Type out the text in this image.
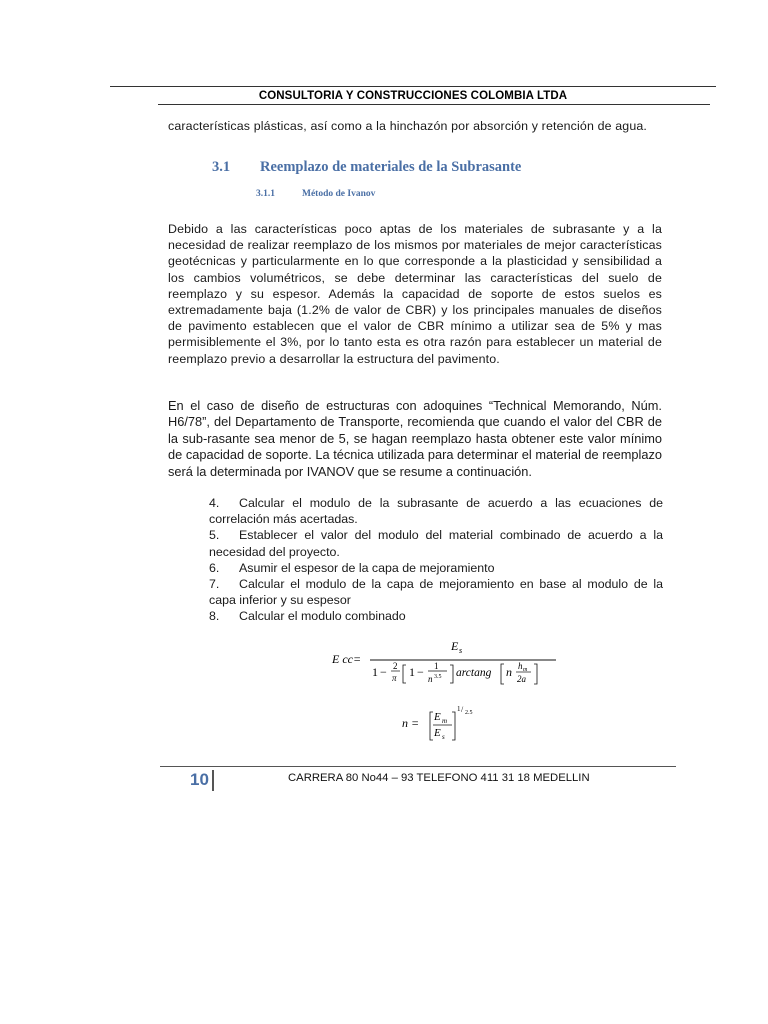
CONSULTORIA Y CONSTRUCCIONES COLOMBIA LTDA
características plásticas, así como a la hinchazón por absorción y retención de agua.
3.1 Reemplazo de materiales de la Subrasante
3.1.1	Método de Ivanov
Debido a las características poco aptas de los materiales de subrasante y a la necesidad de realizar reemplazo de los mismos por materiales de mejor características geotécnicas y particularmente en lo que corresponde a la plasticidad y sensibilidad a los cambios volumétricos, se debe determinar las características del suelo de reemplazo y su espesor. Además la capacidad de soporte de estos suelos es extremadamente baja (1.2% de valor de CBR) y los principales manuales de diseños de pavimento establecen que el valor de CBR mínimo a utilizar sea de 5% y mas permisiblemente el 3%, por lo tanto esta es otra razón para establecer un material de reemplazo previo a desarrollar la estructura del pavimento.
En el caso de diseño de estructuras con adoquines “Technical Memorando, Núm. H6/78”, del Departamento de Transporte, recomienda que cuando el valor del CBR de la sub-rasante sea menor de 5, se hagan reemplazo hasta obtener este valor mínimo de capacidad de soporte. La técnica utilizada para determinar el material de reemplazo será la determinada por IVANOV que se resume a continuación.
4. Calcular el modulo de la subrasante de acuerdo a las ecuaciones de correlación más acertadas.
5. Establecer el valor del modulo del material combinado de acuerdo a la necesidad del proyecto.
6. Asumir el espesor de la capa de mejoramiento
7. Calcular el modulo de la capa de mejoramiento en base al modulo de la capa inferior y su espesor
8. Calcular el modulo combinado
E cc=
E s
1 − 2
π 1 − 1
n 3.5 arctang n h m
2a
n = E m
E s
1 / 2.5
10	CARRERA 80 No44 – 93 TELEFONO 411 31 18 MEDELLIN
